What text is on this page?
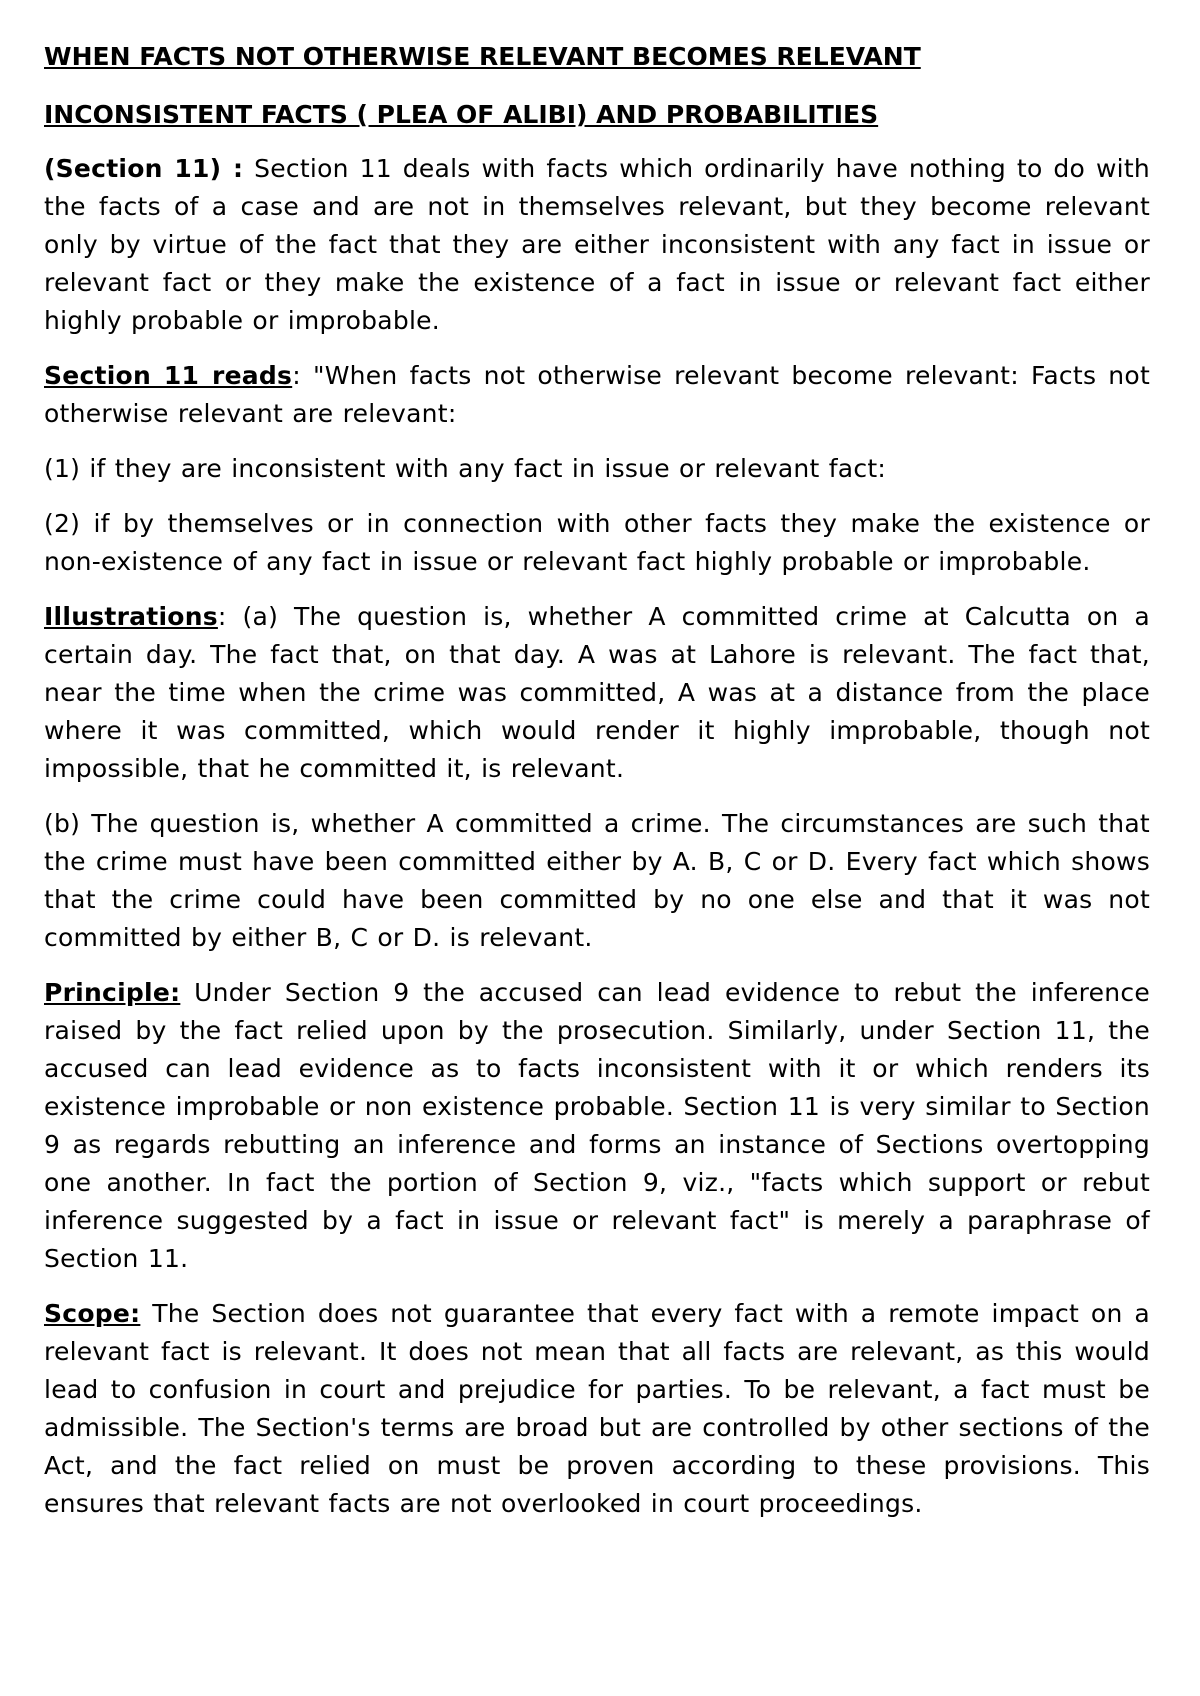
WHEN FACTS NOT OTHERWISE RELEVANT BECOMES RELEVANT
INCONSISTENT FACTS ( PLEA OF ALIBI) AND PROBABILITIES

(Section 11) : Section 11 deals with facts which ordinarily have nothing to do with the facts of a case and are not in themselves relevant, but they become relevant only by virtue of the fact that they are either inconsistent with any fact in issue or relevant fact or they make the existence of a fact in issue or relevant fact either highly probable or improbable.

Section 11 reads: "When facts not otherwise relevant become relevant: Facts not otherwise relevant are relevant:

(1) if they are inconsistent with any fact in issue or relevant fact:

(2) if by themselves or in connection with other facts they make the existence or non-existence of any fact in issue or relevant fact highly probable or improbable.

Illustrations: (a) The question is, whether A committed crime at Calcutta on a certain day. The fact that, on that day. A was at Lahore is relevant. The fact that, near the time when the crime was committed, A was at a distance from the place where it was committed, which would render it highly improbable, though not impossible, that he committed it, is relevant.

(b) The question is, whether A committed a crime. The circumstances are such that the crime must have been committed either by A. B, C or D. Every fact which shows that the crime could have been committed by no one else and that it was not committed by either B, C or D. is relevant.

Principle: Under Section 9 the accused can lead evidence to rebut the inference raised by the fact relied upon by the prosecution. Similarly, under Section 11, the accused can lead evidence as to facts inconsistent with it or which renders its existence improbable or non existence probable. Section 11 is very similar to Section 9 as regards rebutting an inference and forms an instance of Sections overtopping one another. In fact the portion of Section 9, viz., "facts which support or rebut inference suggested by a fact in issue or relevant fact" is merely a paraphrase of Section 11.

Scope: The Section does not guarantee that every fact with a remote impact on a relevant fact is relevant. It does not mean that all facts are relevant, as this would lead to confusion in court and prejudice for parties. To be relevant, a fact must be admissible. The Section's terms are broad but are controlled by other sections of the Act, and the fact relied on must be proven according to these provisions. This ensures that relevant facts are not overlooked in court proceedings.
